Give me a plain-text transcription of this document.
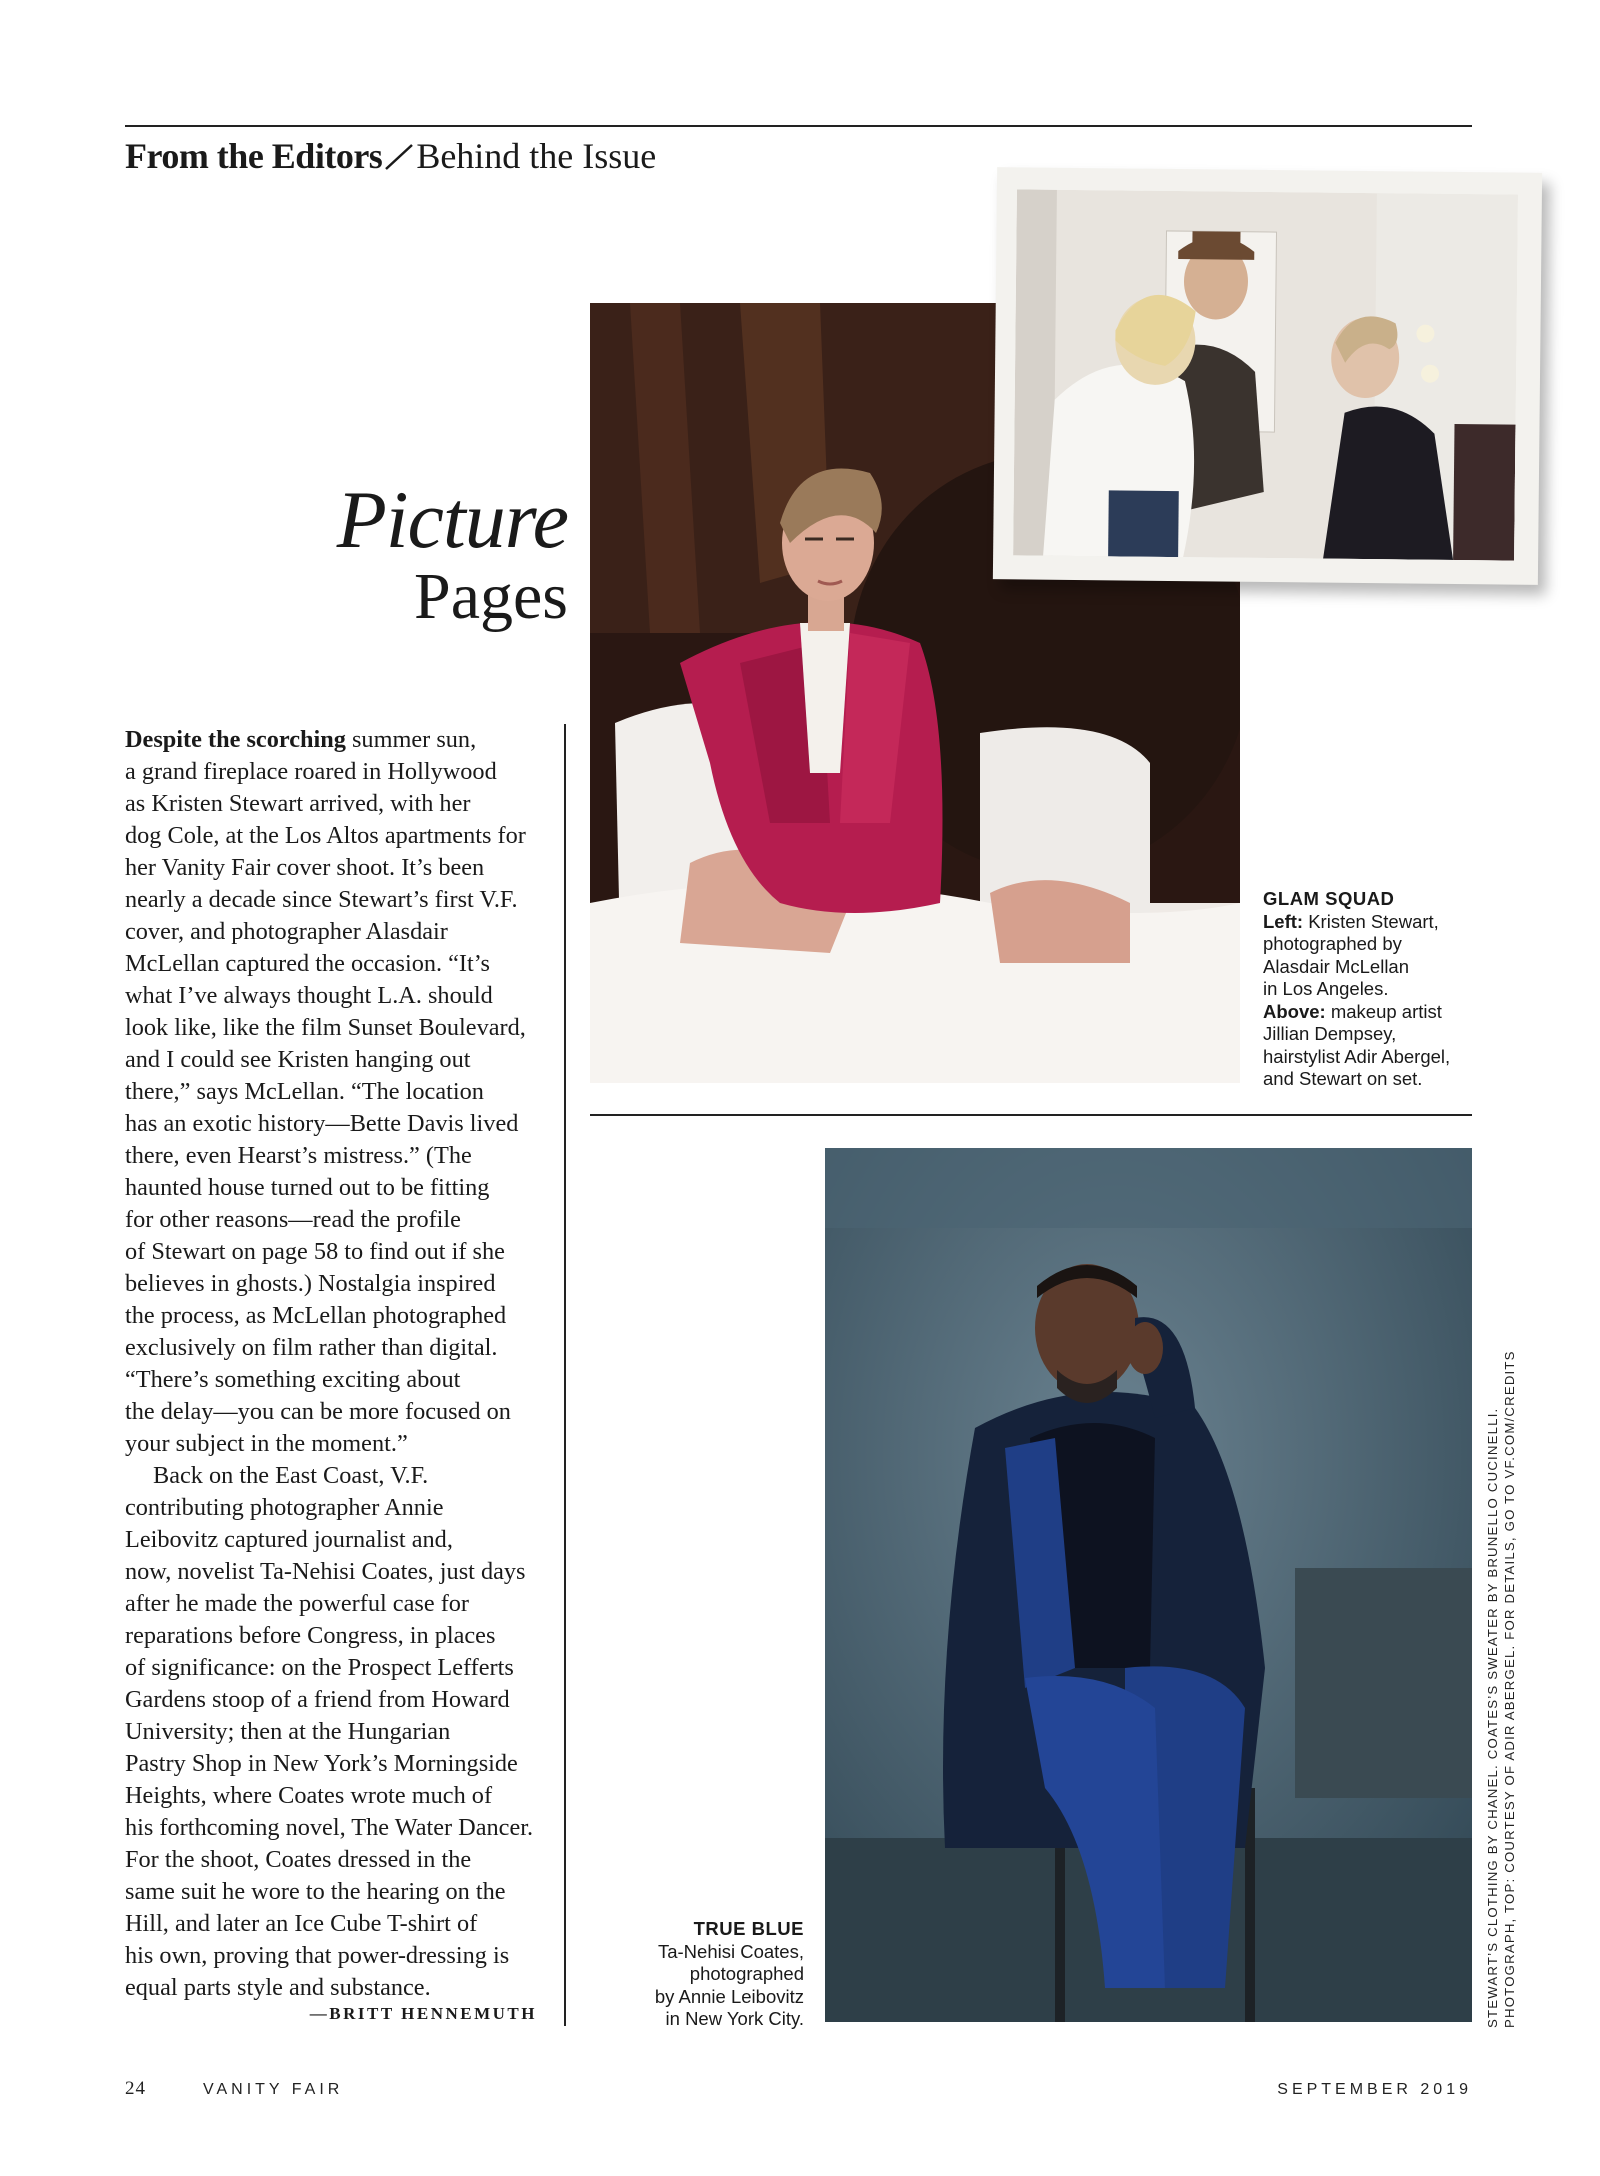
From the Editors Behind the Issue
Picture
Pages

Despite the scorching summer sun,
a grand fireplace roared in Hollywood
as Kristen Stewart arrived, with her
dog Cole, at the Los Altos apartments for
her Vanity Fair cover shoot. It’s been
nearly a decade since Stewart’s first V.F.
cover, and photographer Alasdair
McLellan captured the occasion. “It’s
what I’ve always thought L.A. should
look like, like the film Sunset Boulevard,
and I could see Kristen hanging out
there,” says McLellan. “The location
has an exotic history—Bette Davis lived
there, even Hearst’s mistress.” (The
haunted house turned out to be fitting
for other reasons—read the profile
of Stewart on page 58 to find out if she
believes in ghosts.) Nostalgia inspired
the process, as McLellan photographed
exclusively on film rather than digital.
“There’s something exciting about
the delay—you can be more focused on
your subject in the moment.”

Back on the East Coast, V.F.
contributing photographer Annie
Leibovitz captured journalist and,
now, novelist Ta-Nehisi Coates, just days
after he made the powerful case for
reparations before Congress, in places
of significance: on the Prospect Lefferts
Gardens stoop of a friend from Howard
University; then at the Hungarian
Pastry Shop in New York’s Morningside
Heights, where Coates wrote much of
his forthcoming novel, The Water Dancer.
For the shoot, Coates dressed in the
same suit he wore to the hearing on the
Hill, and later an Ice Cube T-shirt of
his own, proving that power-dressing is
equal parts style and substance.

—BRITT HENNEMUTH
GLAM SQUAD
Left: Kristen Stewart,
photographed by
Alasdair McLellan
in Los Angeles.
Above: makeup artist
Jillian Dempsey,
hairstylist Adir Abergel,
and Stewart on set.
TRUE BLUE
Ta-Nehisi Coates,
photographed
by Annie Leibovitz
in New York City.	STEWART’S CLOTHING BY CHANEL. COATES’S SWEATER BY BRUNELLO CUCINELLI. PHOTOGRAPH, TOP: COURTESY OF ADIR ABERGEL. FOR DETAILS, GO TO VF.COM/CREDITS
24	VANITY FAIR	SEPTEMBER 2019
